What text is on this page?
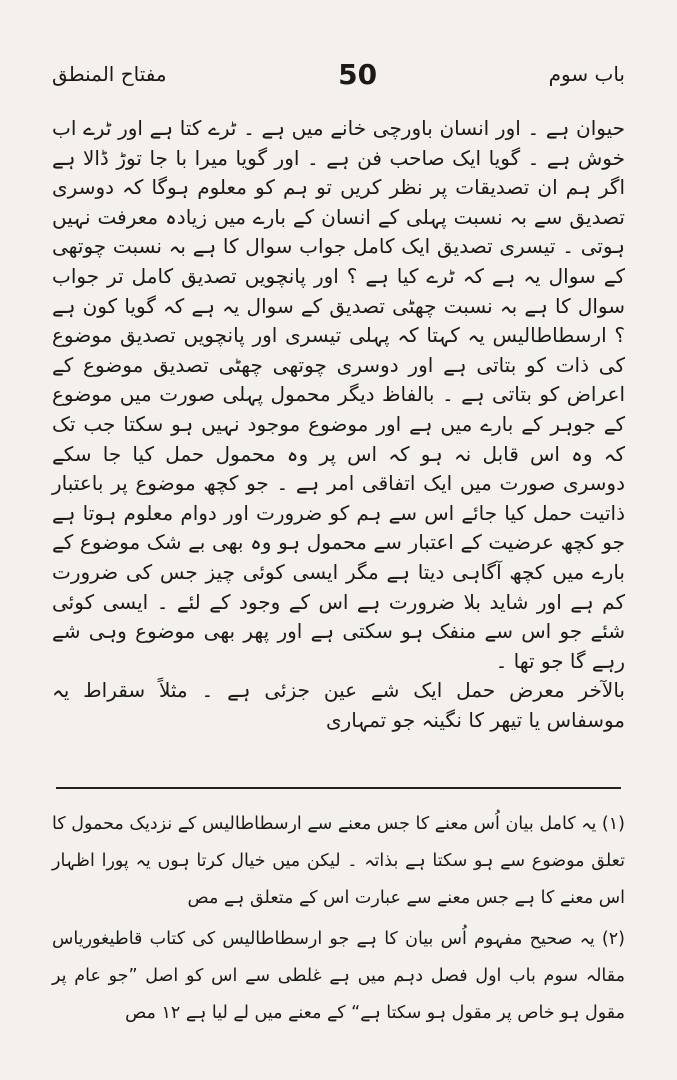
باب سوم
50
مفتاح المنطق

حیوان ہے ۔ اور انسان باورچی خانے میں ہے ۔ ٹرے کتا ہے اور ٹرے اب خوش ہے ۔ گویا ایک صاحب فن ہے ۔ اور گویا میرا با جا توڑ ڈالا ہے اگر ہم ان تصدیقات پر نظر کریں تو ہم کو معلوم ہوگا کہ دوسری تصدیق سے بہ نسبت پہلی کے انسان کے بارے میں زیادہ معرفت نہیں ہوتی ۔ تیسری تصدیق ایک کامل جواب سوال کا ہے بہ نسبت چوتھی کے سوال یہ ہے کہ ٹرے کیا ہے ؟ اور پانچویں تصدیق کامل تر جواب سوال کا ہے بہ نسبت چھٹی تصدیق کے سوال یہ ہے کہ گویا کون ہے ؟ ارسطاطالیس یہ کہتا کہ پہلی تیسری اور پانچویں تصدیق موضوع کی ذات کو بتاتی ہے اور دوسری چوتھی چھٹی تصدیق موضوع کے اعراض کو بتاتی ہے ۔ بالفاظ دیگر محمول پہلی صورت میں موضوع کے جوہر کے بارے میں ہے اور موضوع موجود نہیں ہو سکتا جب تک کہ وہ اس قابل نہ ہو کہ اس پر وہ محمول حمل کیا جا سکے دوسری صورت میں ایک اتفاقی امر ہے ۔ جو کچھ موضوع پر باعتبار ذاتیت حمل کیا جائے اس سے ہم کو ضرورت اور دوام معلوم ہوتا ہے جو کچھ عرضیت کے اعتبار سے محمول ہو وہ بھی بے شک موضوع کے بارے میں کچھ آگاہی دیتا ہے مگر ایسی کوئی چیز جس کی ضرورت کم ہے اور شاید بلا ضرورت ہے اس کے وجود کے لئے ۔ ایسی کوئی شئے جو اس سے منفک ہو سکتی ہے اور پھر بھی موضوع وہی شے رہے گا جو تھا ۔

بالآخر معرض حمل ایک شے عین جزئی ہے ۔ مثلاً سقراط یہ موسفاس یا تیھر کا نگینہ جو تمہاری

(۱) یہ کامل بیان اُس معنے کا جس معنے سے ارسطاطالیس کے نزدیک محمول کا تعلق موضوع سے ہو سکتا ہے بذاتہ ۔ لیکن میں خیال کرتا ہوں یہ پورا اظہار اس معنے کا ہے جس معنے سے عبارت اس کے متعلق ہے مص

(۲) یہ صحیح مفہوم اُس بیان کا ہے جو ارسطاطالیس کی کتاب قاطیغوریاس مقالہ سوم باب اول فصل دہم میں ہے غلطی سے اس کو اصل ”جو عام پر مقول ہو خاص پر مقول ہو سکتا ہے“ کے معنے میں لے لیا ہے ۱۲ مص
